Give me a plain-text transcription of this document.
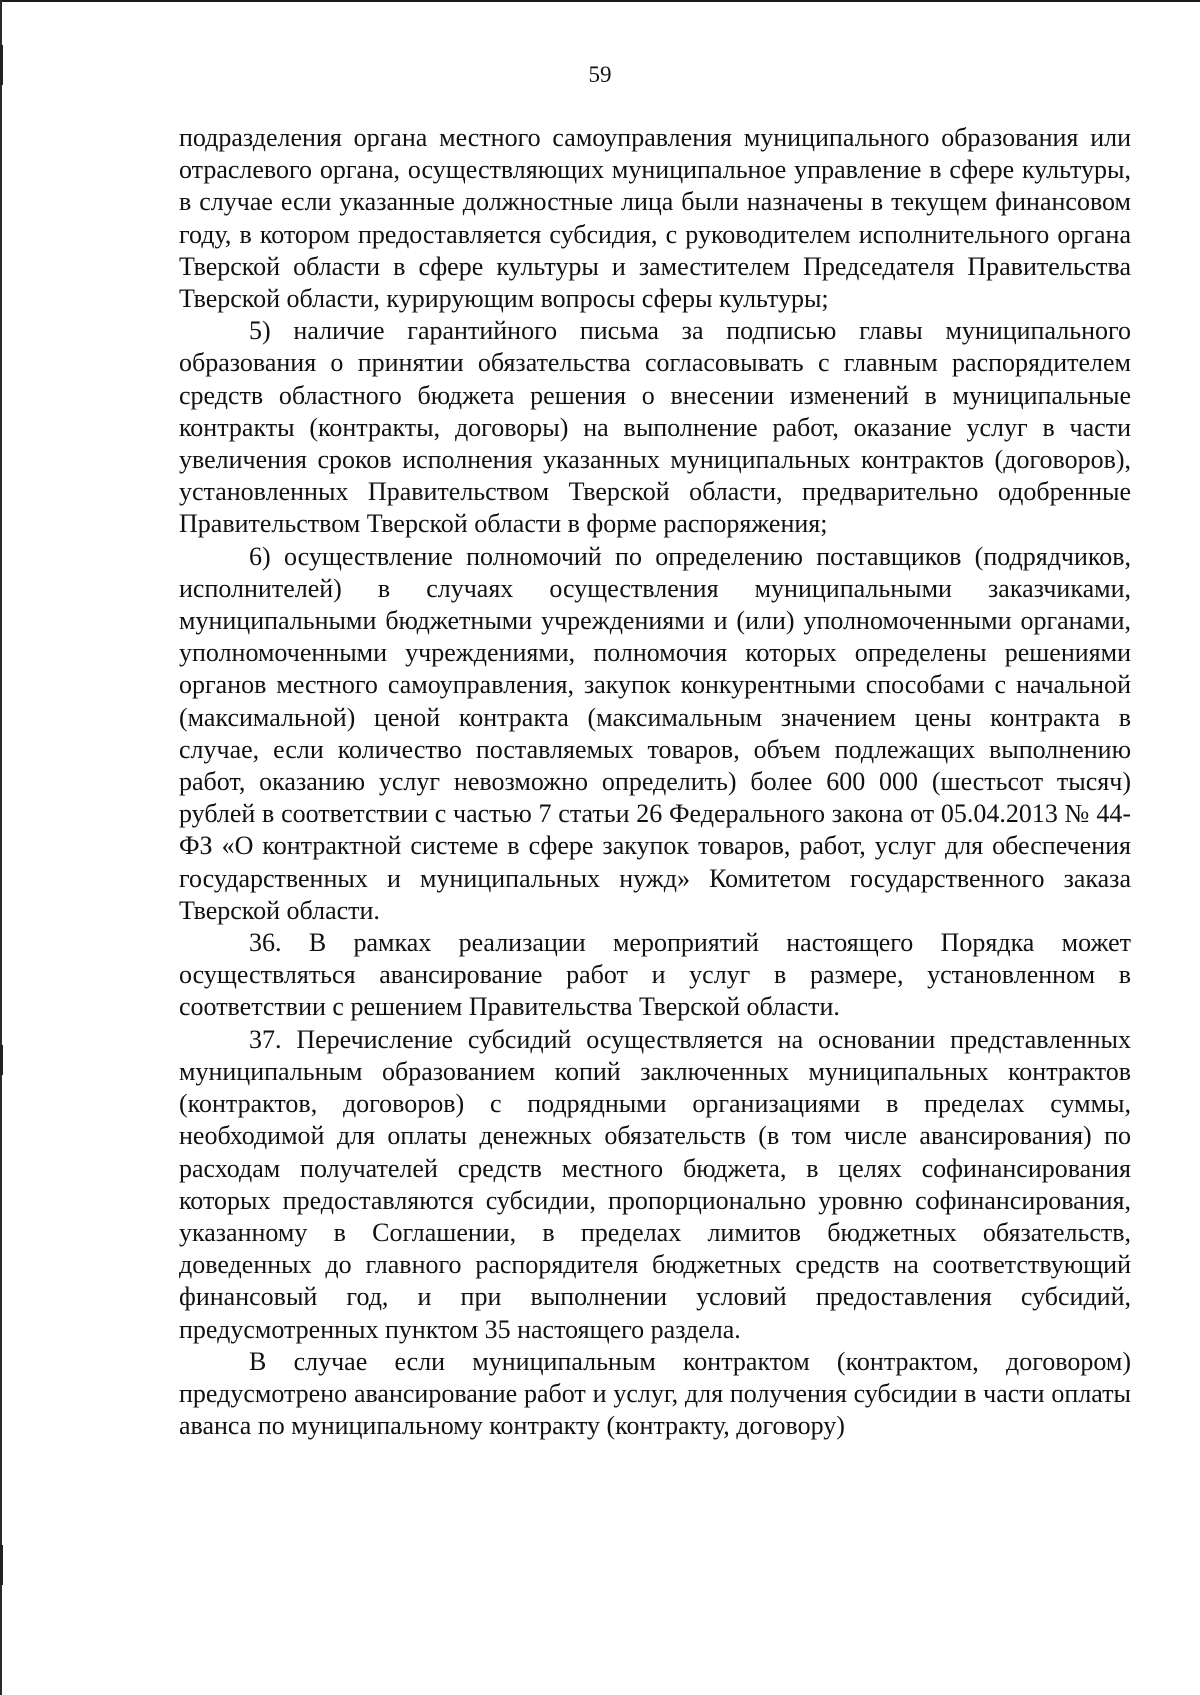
59

подразделения органа местного самоуправления муниципального образования или отраслевого органа, осуществляющих муниципальное управление в сфере культуры, в случае если указанные должностные лица были назначены в текущем финансовом году, в котором предоставляется субсидия, с руководителем исполнительного органа Тверской области в сфере культуры и заместителем Председателя Правительства Тверской области, курирующим вопросы сферы культуры;

5) наличие гарантийного письма за подписью главы муниципального образования о принятии обязательства согласовывать с главным распорядителем средств областного бюджета решения о внесении изменений в муниципальные контракты (контракты, договоры) на выполнение работ, оказание услуг в части увеличения сроков исполнения указанных муниципальных контрактов (договоров), установленных Правительством Тверской области, предварительно одобренные Правительством Тверской области в форме распоряжения;

6) осуществление полномочий по определению поставщиков (подрядчиков, исполнителей) в случаях осуществления муниципальными заказчиками, муниципальными бюджетными учреждениями и (или) уполномоченными органами, уполномоченными учреждениями, полномочия которых определены решениями органов местного самоуправления, закупок конкурентными способами с начальной (максимальной) ценой контракта (максимальным значением цены контракта в случае, если количество поставляемых товаров, объем подлежащих выполнению работ, оказанию услуг невозможно определить) более 600 000 (шестьсот тысяч) рублей в соответствии с частью 7 статьи 26 Федерального закона от 05.04.2013 № 44-ФЗ «О контрактной системе в сфере закупок товаров, работ, услуг для обеспечения государственных и муниципальных нужд» Комитетом государственного заказа Тверской области.

36. В рамках реализации мероприятий настоящего Порядка может осуществляться авансирование работ и услуг в размере, установленном в соответствии с решением Правительства Тверской области.

37. Перечисление субсидий осуществляется на основании представленных муниципальным образованием копий заключенных муниципальных контрактов (контрактов, договоров) с подрядными организациями в пределах суммы, необходимой для оплаты денежных обязательств (в том числе авансирования) по расходам получателей средств местного бюджета, в целях софинансирования которых предоставляются субсидии, пропорционально уровню софинансирования, указанному в Соглашении, в пределах лимитов бюджетных обязательств, доведенных до главного распорядителя бюджетных средств на соответствующий финансовый год, и при выполнении условий предоставления субсидий, предусмотренных пунктом 35 настоящего раздела.

В случае если муниципальным контрактом (контрактом, договором) предусмотрено авансирование работ и услуг, для получения субсидии в части оплаты аванса по муниципальному контракту (контракту, договору)
